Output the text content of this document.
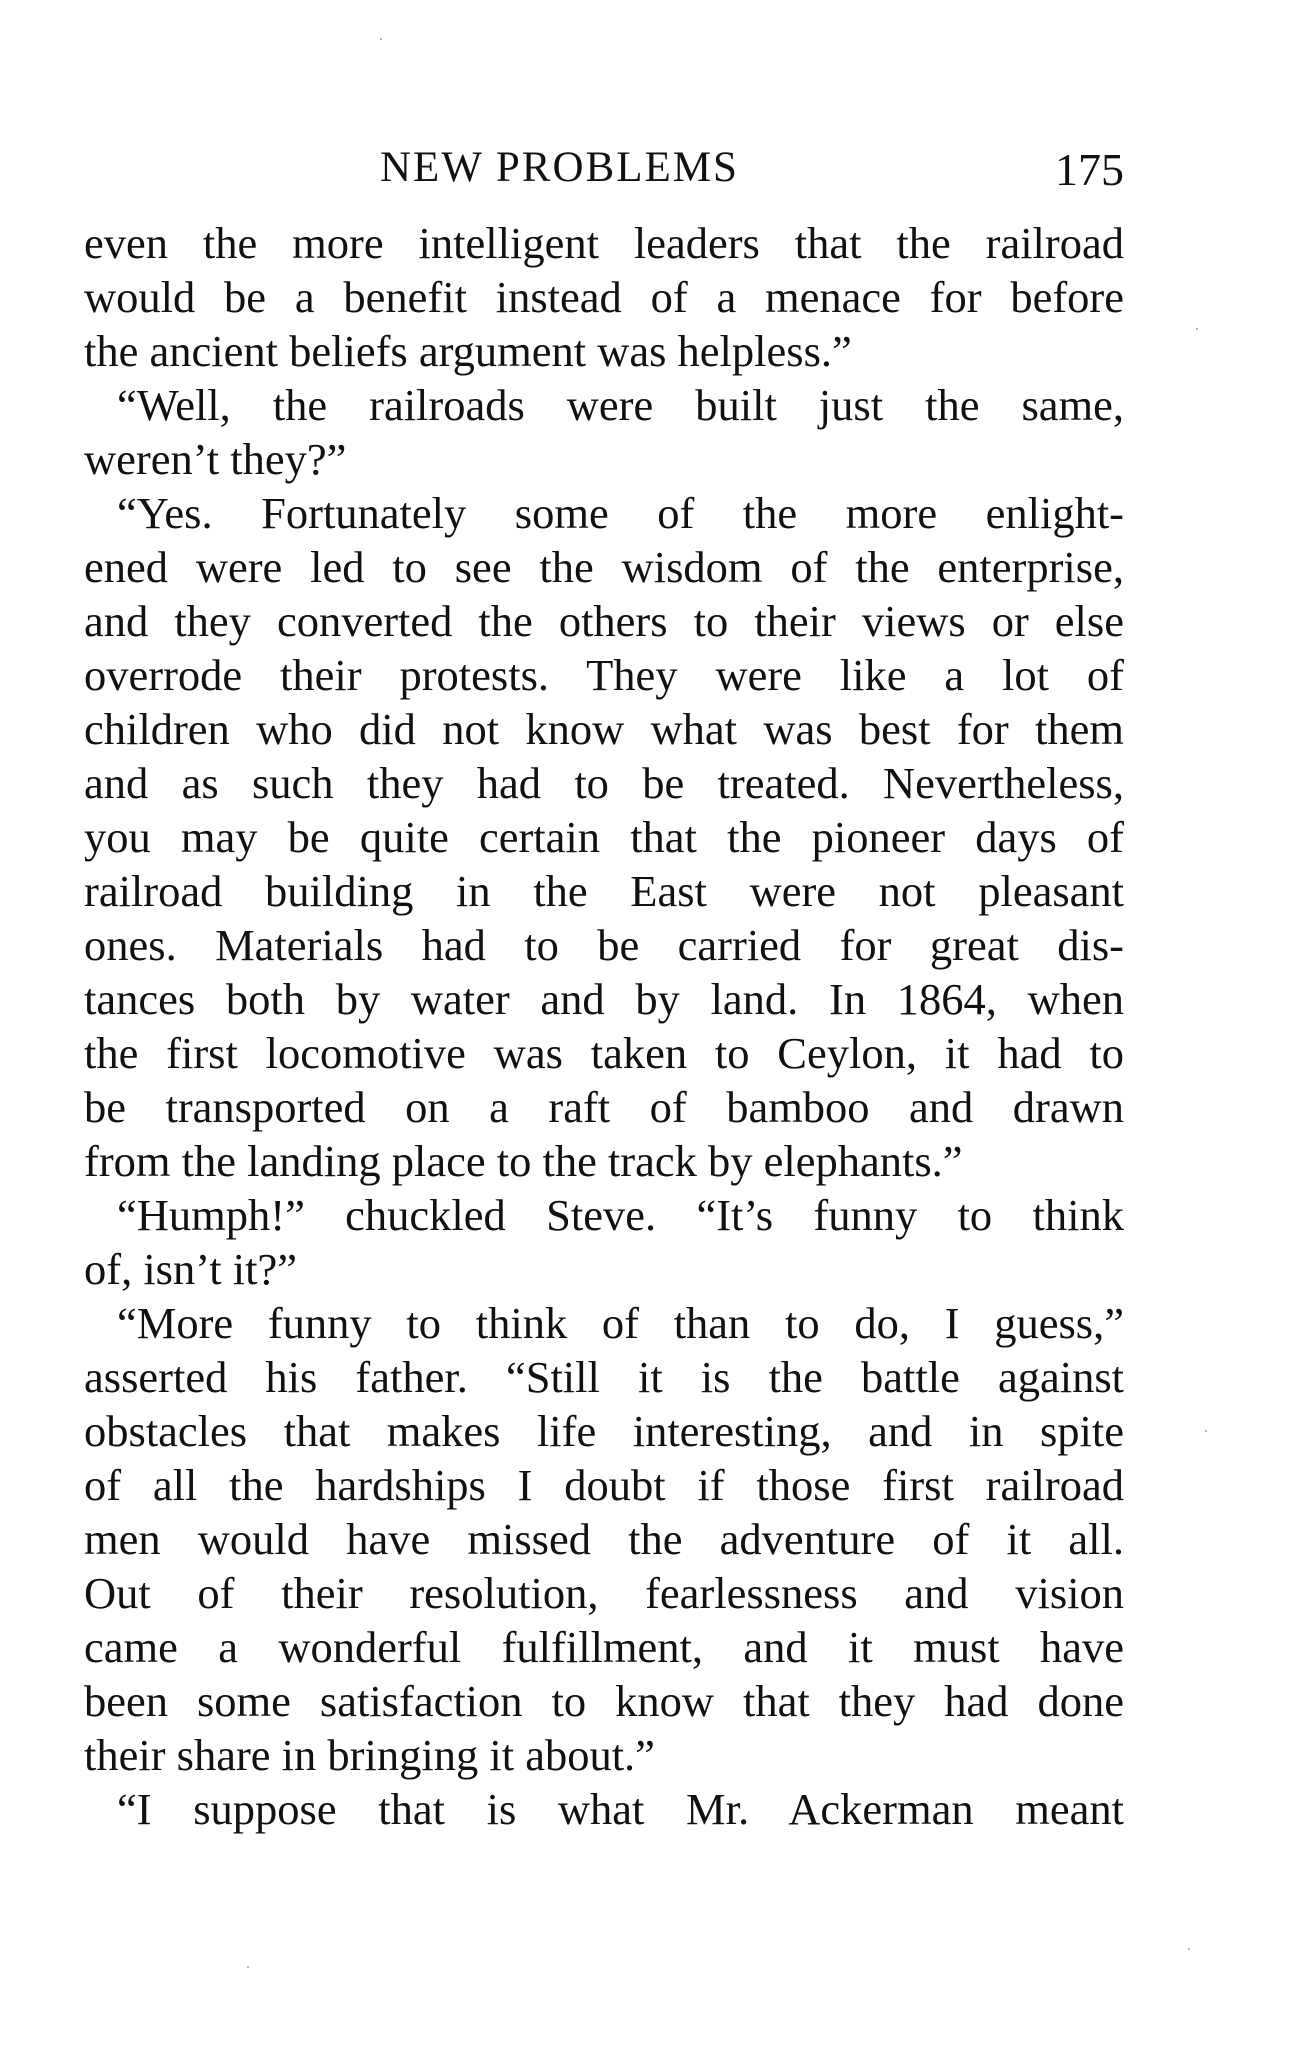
NEW PROBLEMS	175
even the more intelligent leaders that the railroad
would be a benefit instead of a menace for before
the ancient beliefs argument was helpless.”
“Well, the railroads were built just the same,
weren’t they?”
“Yes. Fortunately some of the more enlight-
ened were led to see the wisdom of the enterprise,
and they converted the others to their views or else
overrode their protests. They were like a lot of
children who did not know what was best for them
and as such they had to be treated. Nevertheless,
you may be quite certain that the pioneer days of
railroad building in the East were not pleasant
ones. Materials had to be carried for great dis-
tances both by water and by land. In 1864, when
the first locomotive was taken to Ceylon, it had to
be transported on a raft of bamboo and drawn
from the landing place to the track by elephants.”
“Humph!” chuckled Steve. “It’s funny to think
of, isn’t it?”
“More funny to think of than to do, I guess,”
asserted his father. “Still it is the battle against
obstacles that makes life interesting, and in spite
of all the hardships I doubt if those first railroad
men would have missed the adventure of it all.
Out of their resolution, fearlessness and vision
came a wonderful fulfillment, and it must have
been some satisfaction to know that they had done
their share in bringing it about.”
“I suppose that is what Mr. Ackerman meant
